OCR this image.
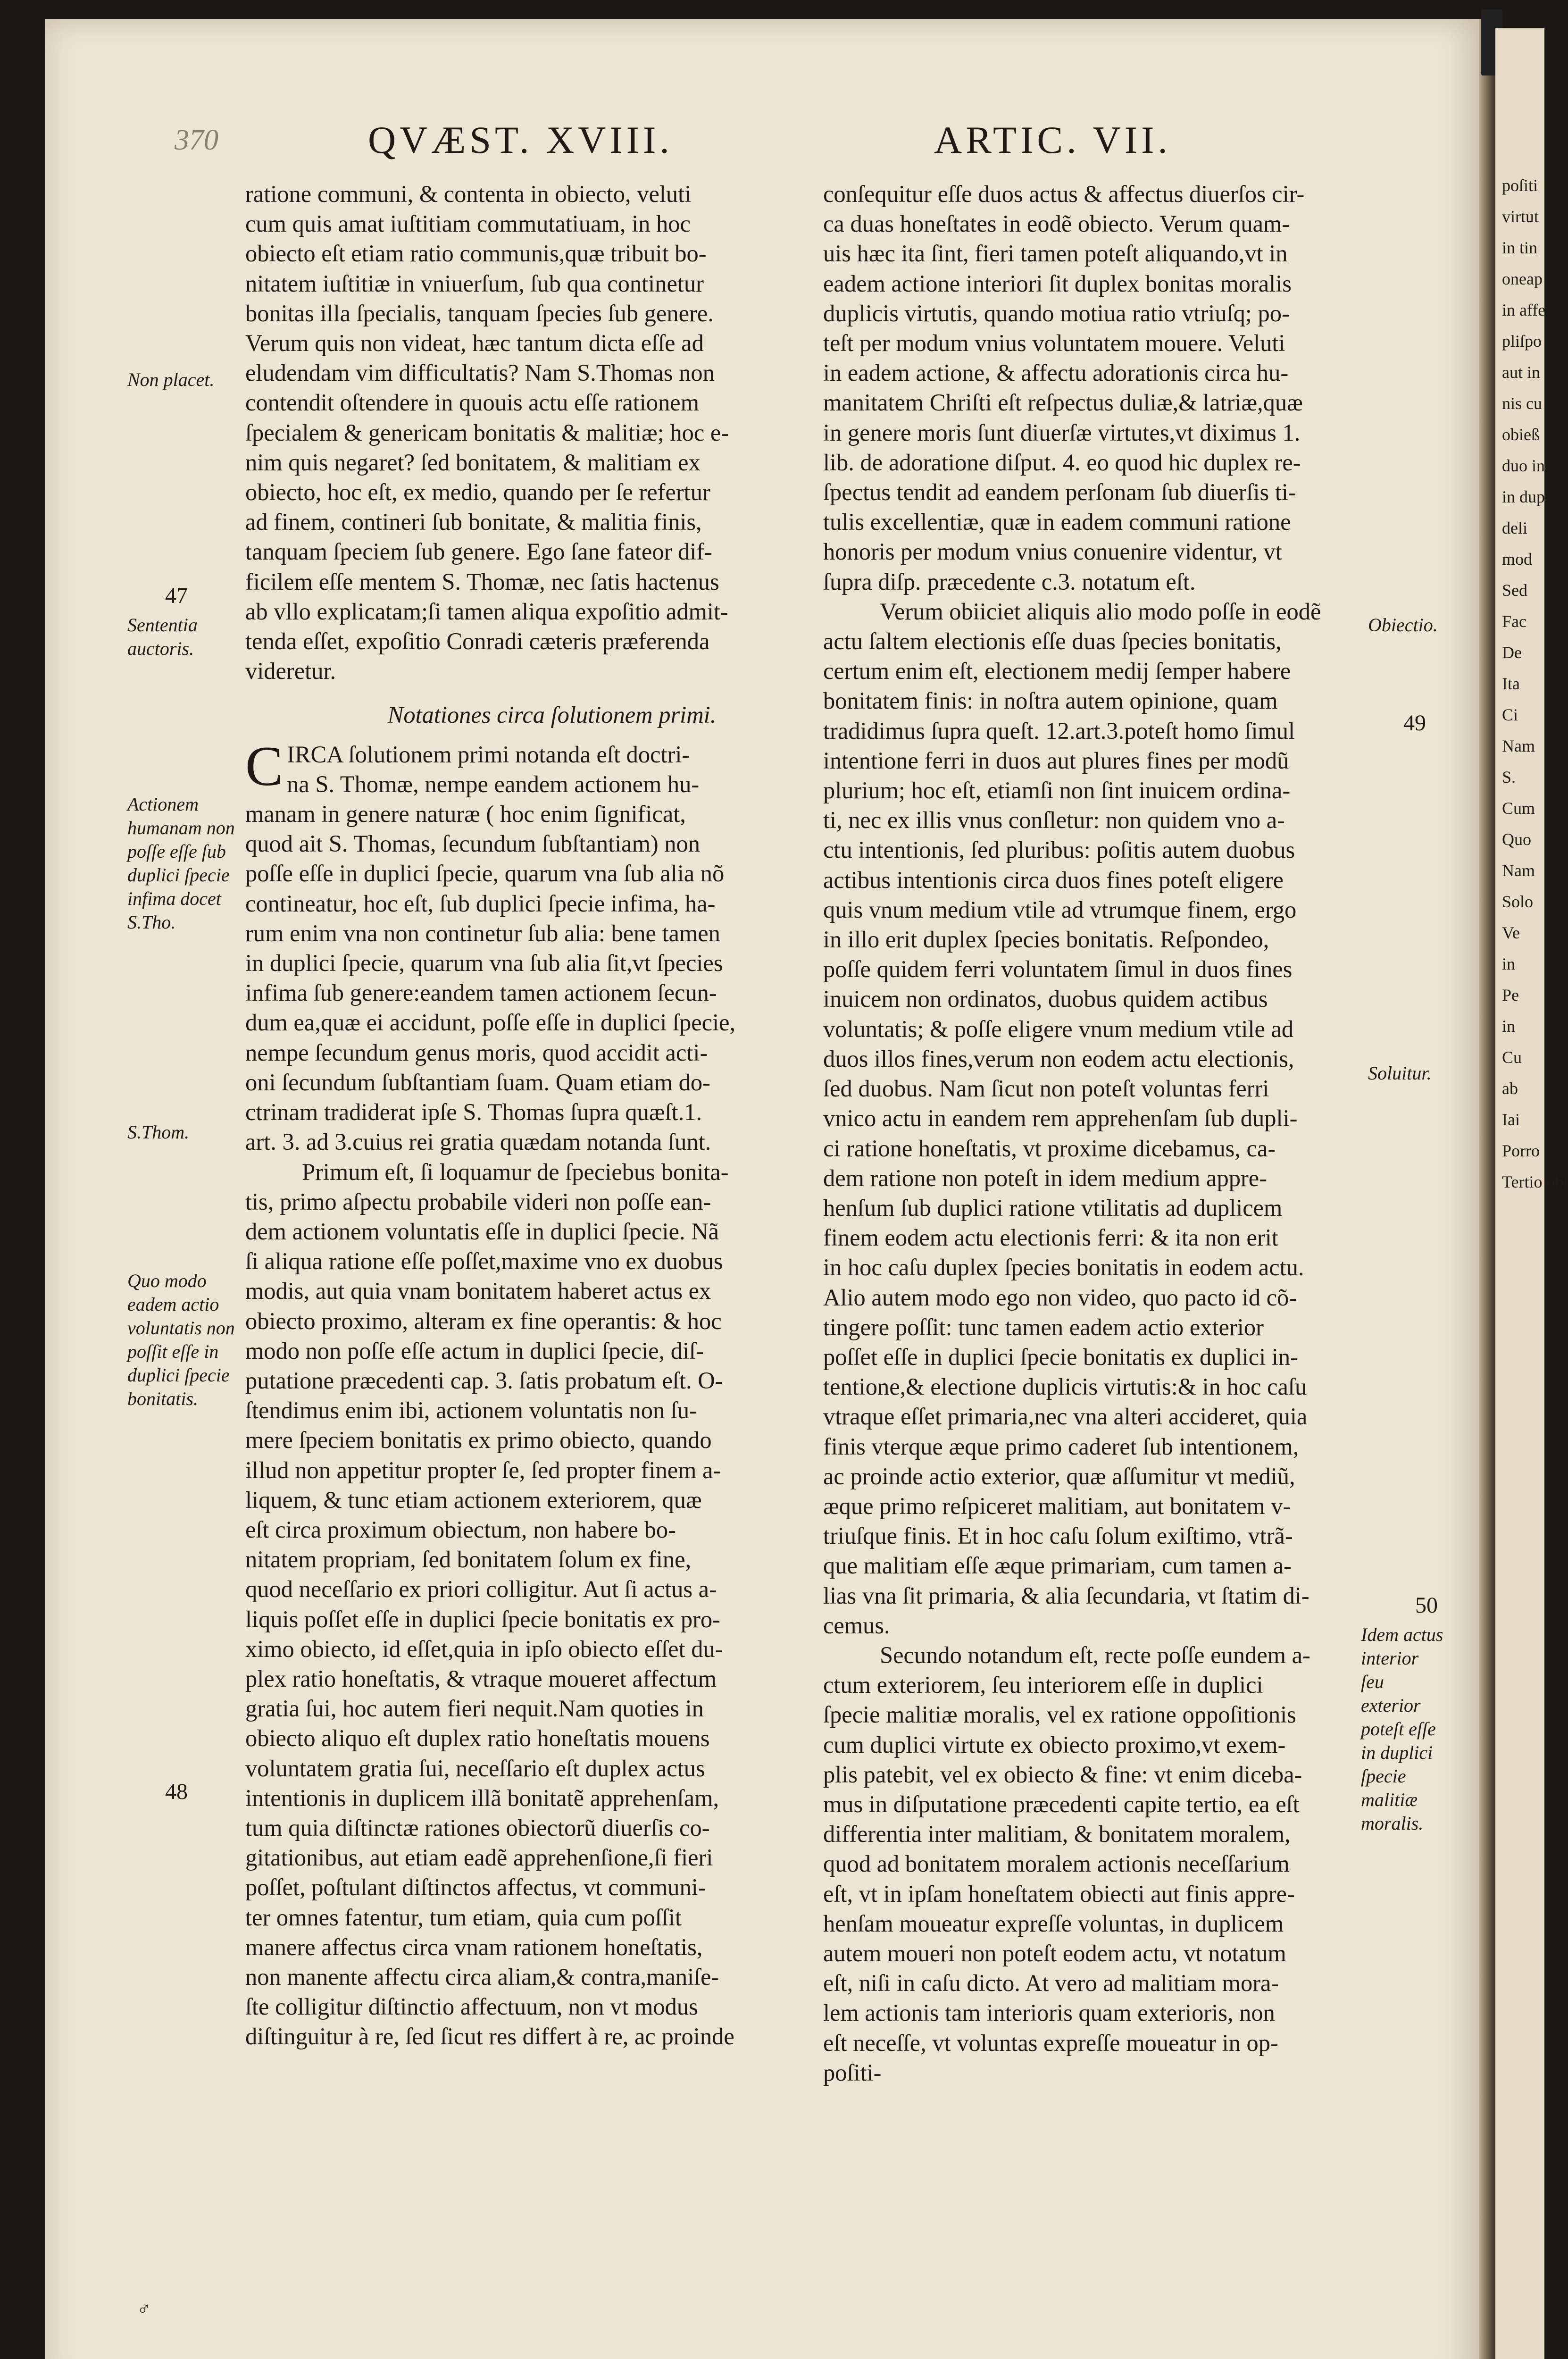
poſiti
virtut
in tin
oneap
in affe
pliſpo
aut in
nis cu
obieß
duo in
in dup
deli
mod
Sed
Fac
De
Ita
Ci
Nam
S.
Cum
Quo
Nam
Solo
Ve
in
Pe
in
Cu
ab
Iai
Porro
Tertio obſ
370	QVÆST. XVIII.	ARTIC. VII.
ratione communi, & contenta in obiecto, veluti
cum quis amat iuſtitiam commutatiuam, in hoc
obiecto eſt etiam ratio communis,quæ tribuit bo-
nitatem iuſtitiæ in vniuerſum, ſub qua continetur
bonitas illa ſpecialis, tanquam ſpecies ſub genere.
Verum quis non videat, hæc tantum dicta eſſe ad
eludendam vim difficultatis? Nam S.Thomas non
contendit oſtendere in quouis actu eſſe rationem
ſpecialem & genericam bonitatis & malitiæ; hoc e-
nim quis negaret? ſed bonitatem, & malitiam ex
obiecto, hoc eſt, ex medio, quando per ſe refertur
ad finem, contineri ſub bonitate, & malitia finis,
tanquam ſpeciem ſub genere. Ego ſane fateor dif-
ficilem eſſe mentem S. Thomæ, nec ſatis hactenus
ab vllo explicatam;ſi tamen aliqua expoſitio admit-
tenda eſſet, expoſitio Conradi cæteris præferenda
videretur.

Notationes circa ſolutionem primi.

C IRCA ſolutionem primi notanda eſt doctri-
na S. Thomæ, nempe eandem actionem hu-
manam in genere naturæ ( hoc enim ſignificat,
quod ait S. Thomas, ſecundum ſubſtantiam) non
poſſe eſſe in duplici ſpecie, quarum vna ſub alia nõ
contineatur, hoc eſt, ſub duplici ſpecie infima, ha-
rum enim vna non continetur ſub alia: bene tamen
in duplici ſpecie, quarum vna ſub alia ſit,vt ſpecies
infima ſub genere:eandem tamen actionem ſecun-
dum ea,quæ ei accidunt, poſſe eſſe in duplici ſpecie,
nempe ſecundum genus moris, quod accidit acti-
oni ſecundum ſubſtantiam ſuam. Quam etiam do-
ctrinam tradiderat ipſe S. Thomas ſupra quæſt.1.
art. 3. ad 3.cuius rei gratia quædam notanda ſunt.
Primum eſt, ſi loquamur de ſpeciebus bonita-
tis, primo aſpectu probabile videri non poſſe ean-
dem actionem voluntatis eſſe in duplici ſpecie. Nã
ſi aliqua ratione eſſe poſſet,maxime vno ex duobus
modis, aut quia vnam bonitatem haberet actus ex
obiecto proximo, alteram ex fine operantis: & hoc
modo non poſſe eſſe actum in duplici ſpecie, diſ-
putatione præcedenti cap. 3. ſatis probatum eſt. O-
ſtendimus enim ibi, actionem voluntatis non ſu-
mere ſpeciem bonitatis ex primo obiecto, quando
illud non appetitur propter ſe, ſed propter finem a-
liquem, & tunc etiam actionem exteriorem, quæ
eſt circa proximum obiectum, non habere bo-
nitatem propriam, ſed bonitatem ſolum ex fine,
quod neceſſario ex priori colligitur. Aut ſi actus a-
liquis poſſet eſſe in duplici ſpecie bonitatis ex pro-
ximo obiecto, id eſſet,quia in ipſo obiecto eſſet du-
plex ratio honeſtatis, & vtraque moueret affectum
gratia ſui, hoc autem fieri nequit.Nam quoties in
obiecto aliquo eſt duplex ratio honeſtatis mouens
voluntatem gratia ſui, neceſſario eſt duplex actus
intentionis in duplicem illã bonitatẽ apprehenſam,
tum quia diſtinctæ rationes obiectorũ diuerſis co-
gitationibus, aut etiam eadẽ apprehenſione,ſi fieri
poſſet, poſtulant diſtinctos affectus, vt communi-
ter omnes fatentur, tum etiam, quia cum poſſit
manere affectus circa vnam rationem honeſtatis,
non manente affectu circa aliam,& contra,maniſe-
ſte colligitur diſtinctio affectuum, non vt modus
diſtinguitur à re, ſed ſicut res differt à re, ac proinde
conſequitur eſſe duos actus & affectus diuerſos cir-
ca duas honeſtates in eodẽ obiecto. Verum quam-
uis hæc ita ſint, fieri tamen poteſt aliquando,vt in
eadem actione interiori ſit duplex bonitas moralis
duplicis virtutis, quando motiua ratio vtriuſq; po-
teſt per modum vnius voluntatem mouere. Veluti
in eadem actione, & affectu adorationis circa hu-
manitatem Chriſti eſt reſpectus duliæ,& latriæ,quæ
in genere moris ſunt diuerſæ virtutes,vt diximus 1.
lib. de adoratione diſput. 4. eo quod hic duplex re-
ſpectus tendit ad eandem perſonam ſub diuerſis ti-
tulis excellentiæ, quæ in eadem communi ratione
honoris per modum vnius conuenire videntur, vt
ſupra diſp. præcedente c.3. notatum eſt.
Verum obiiciet aliquis alio modo poſſe in eodẽ
actu ſaltem electionis eſſe duas ſpecies bonitatis,
certum enim eſt, electionem medij ſemper habere
bonitatem finis: in noſtra autem opinione, quam
tradidimus ſupra queſt. 12.art.3.poteſt homo ſimul
intentione ferri in duos aut plures fines per modũ
plurium; hoc eſt, etiamſi non ſint inuicem ordina-
ti, nec ex illis vnus conſletur: non quidem vno a-
ctu intentionis, ſed pluribus: poſitis autem duobus
actibus intentionis circa duos fines poteſt eligere
quis vnum medium vtile ad vtrumque finem, ergo
in illo erit duplex ſpecies bonitatis. Reſpondeo,
poſſe quidem ferri voluntatem ſimul in duos fines
inuicem non ordinatos, duobus quidem actibus
voluntatis; & poſſe eligere vnum medium vtile ad
duos illos fines,verum non eodem actu electionis,
ſed duobus. Nam ſicut non poteſt voluntas ferri
vnico actu in eandem rem apprehenſam ſub dupli-
ci ratione honeſtatis, vt proxime dicebamus, ca-
dem ratione non poteſt in idem medium appre-
henſum ſub duplici ratione vtilitatis ad duplicem
finem eodem actu electionis ferri: & ita non erit
in hoc caſu duplex ſpecies bonitatis in eodem actu.
Alio autem modo ego non video, quo pacto id cõ-
tingere poſſit: tunc tamen eadem actio exterior
poſſet eſſe in duplici ſpecie bonitatis ex duplici in-
tentione,& electione duplicis virtutis:& in hoc caſu
vtraque eſſet primaria,nec vna alteri accideret, quia
finis vterque æque primo caderet ſub intentionem,
ac proinde actio exterior, quæ aſſumitur vt mediũ,
æque primo reſpiceret malitiam, aut bonitatem v-
triuſque finis. Et in hoc caſu ſolum exiſtimo, vtrã-
que malitiam eſſe æque primariam, cum tamen a-
lias vna ſit primaria, & alia ſecundaria, vt ſtatim di-
cemus.
Secundo notandum eſt, recte poſſe eundem a-
ctum exteriorem, ſeu interiorem eſſe in duplici
ſpecie malitiæ moralis, vel ex ratione oppoſitionis
cum duplici virtute ex obiecto proximo,vt exem-
plis patebit, vel ex obiecto & fine: vt enim diceba-
mus in diſputatione præcedenti capite tertio, ea eſt
differentia inter malitiam, & bonitatem moralem,
quod ad bonitatem moralem actionis neceſſarium
eſt, vt in ipſam honeſtatem obiecti aut finis appre-
henſam moueatur expreſſe voluntas, in duplicem
autem moueri non poteſt eodem actu, vt notatum
eſt, niſi in caſu dicto. At vero ad malitiam mora-
lem actionis tam interioris quam exterioris, non
eſt neceſſe, vt voluntas expreſſe moueatur in op-
poſiti-
Non placet.
47
Sententia auctoris.
Actionem humanam non poſſe eſſe ſub duplici ſpecie infima docet S.Tho.
S.Thom.
Quo modo eadem actio voluntatis non poſſit eſſe in duplici ſpecie bonitatis.
48
Obiectio.
49
Soluitur.
50
Idem actus interior ſeu exterior poteſt eſſe in duplici ſpecie malitiæ moralis.
♂
